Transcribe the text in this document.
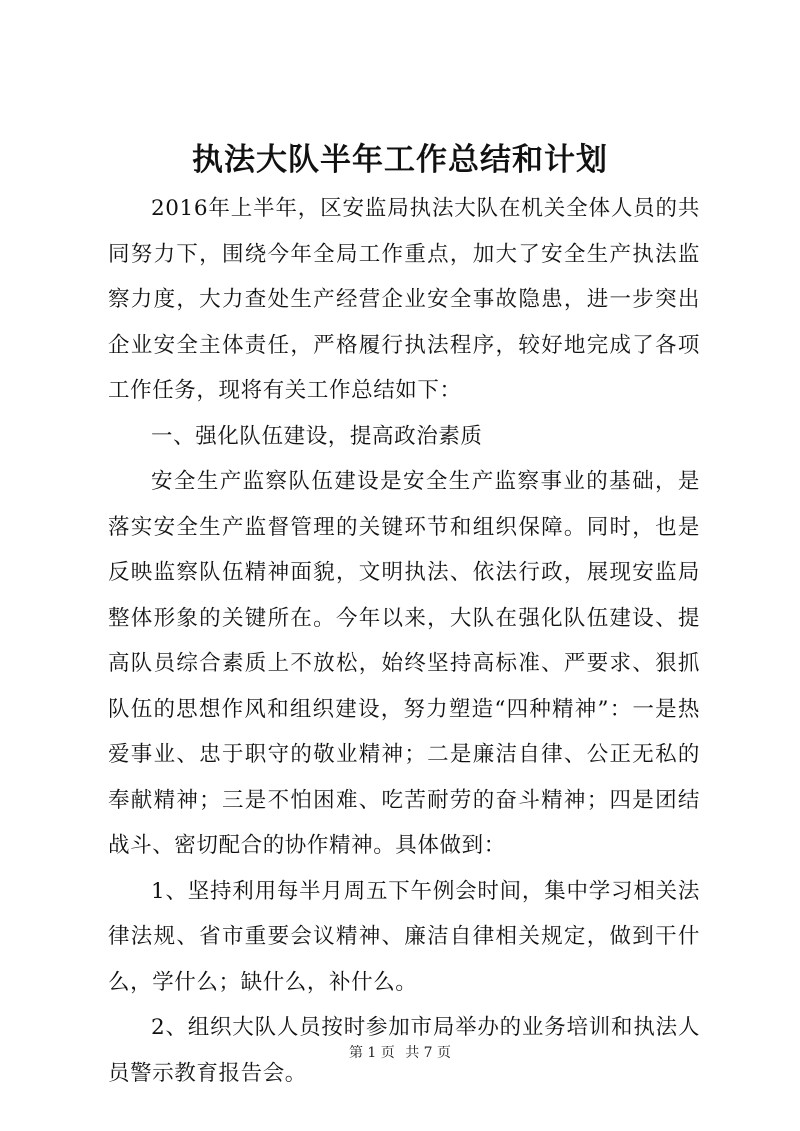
执法大队半年工作总结和计划

2016年上半年，区安监局执法大队在机关全体人员的共同努力下，围绕今年全局工作重点，加大了安全生产执法监察力度，大力查处生产经营企业安全事故隐患，进一步突出企业安全主体责任，严格履行执法程序，较好地完成了各项工作任务，现将有关工作总结如下：

一、强化队伍建设，提高政治素质

安全生产监察队伍建设是安全生产监察事业的基础，是落实安全生产监督管理的关键环节和组织保障。同时，也是反映监察队伍精神面貌，文明执法、依法行政，展现安监局整体形象的关键所在。今年以来，大队在强化队伍建设、提高队员综合素质上不放松，始终坚持高标准、严要求、狠抓队伍的思想作风和组织建设，努力塑造“四种精神”：一是热爱事业、忠于职守的敬业精神；二是廉洁自律、公正无私的奉献精神；三是不怕困难、吃苦耐劳的奋斗精神；四是团结战斗、密切配合的协作精神。具体做到：

1、坚持利用每半月周五下午例会时间，集中学习相关法律法规、省市重要会议精神、廉洁自律相关规定，做到干什么，学什么；缺什么，补什么。

2、组织大队人员按时参加市局举办的业务培训和执法人员警示教育报告会。

第 1 页 共 7 页
